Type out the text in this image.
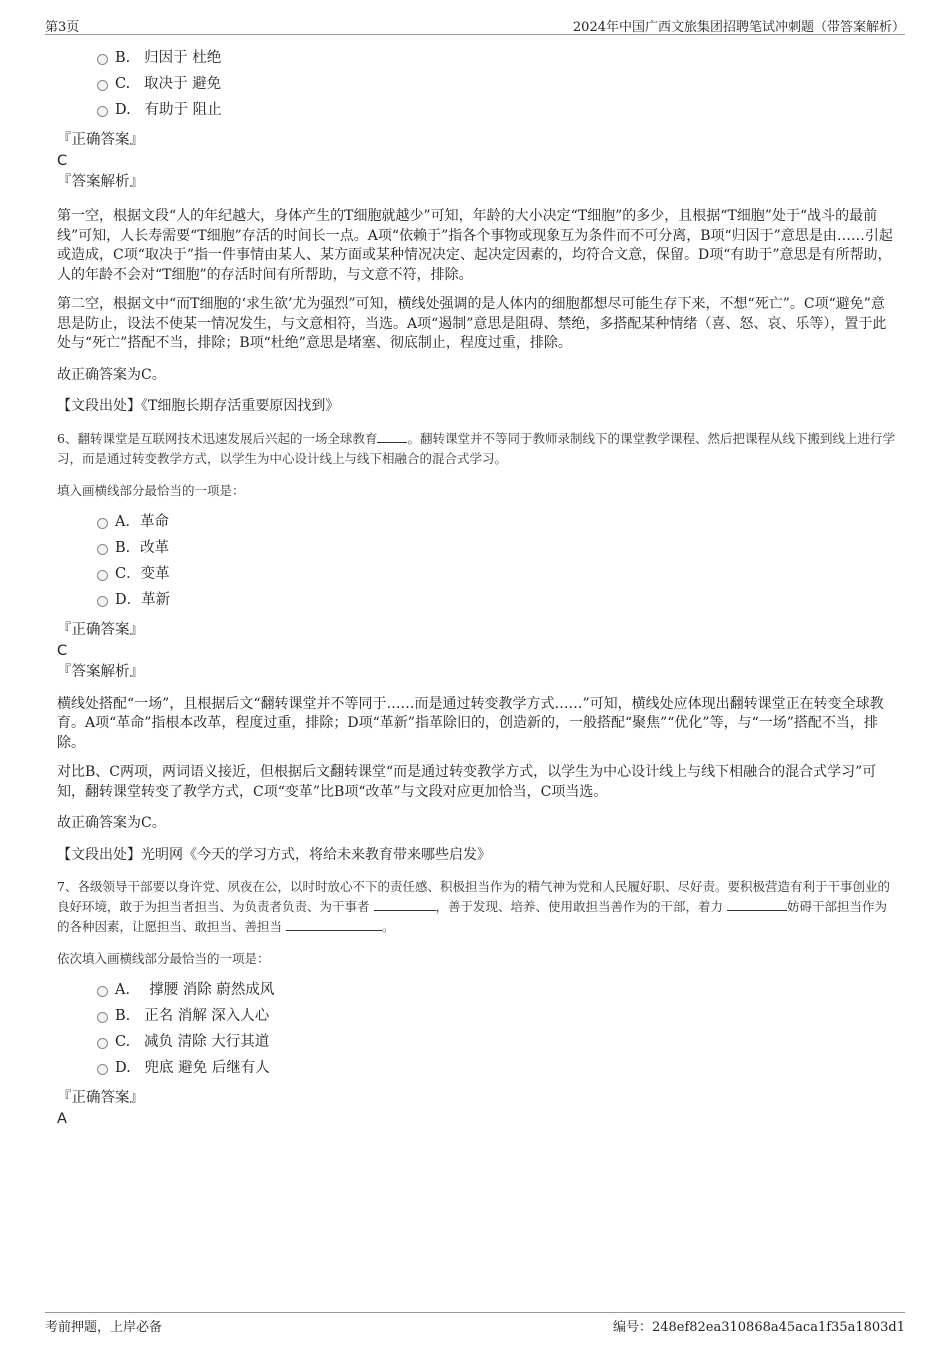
第3页	2024年中国广西文旅集团招聘笔试冲刺题（带答案解析）
B. 归因于 杜绝
C. 取决于 避免
D. 有助于 阻止
『正确答案』
C
『答案解析』

第一空，根据文段“人的年纪越大，身体产生的T细胞就越少”可知，年龄的大小决定“T细胞”的多少，且根据“T细胞”处于“战斗的最前线”可知，人长寿需要“T细胞”存活的时间长一点。A项“依赖于”指各个事物或现象互为条件而不可分离，B项“归因于”意思是由……引起或造成，C项“取决于”指一件事情由某人、某方面或某种情况决定、起决定因素的，均符合文意，保留。D项“有助于”意思是有所帮助，人的年龄不会对“T细胞”的存活时间有所帮助，与文意不符，排除。

第二空，根据文中“而T细胞的‘求生欲’尤为强烈”可知，横线处强调的是人体内的细胞都想尽可能生存下来，不想“死亡”。C项“避免”意思是防止，设法不使某一情况发生，与文意相符，当选。A项“遏制”意思是阻碍、禁绝，多搭配某种情绪（喜、怒、哀、乐等），置于此处与“死亡”搭配不当，排除；B项“杜绝”意思是堵塞、彻底制止，程度过重，排除。

故正确答案为C。

【文段出处】《T细胞长期存活重要原因找到》

6、翻转课堂是互联网技术迅速发展后兴起的一场全球教育 。翻转课堂并不等同于教师录制线下的课堂教学课程、然后把课程从线下搬到线上进行学习，而是通过转变教学方式，以学生为中心设计线上与线下相融合的混合式学习。

填入画横线部分最恰当的一项是：

A．革命
B．改革
C．变革
D．革新
『正确答案』
C
『答案解析』

横线处搭配“一场”，且根据后文“翻转课堂并不等同于……而是通过转变教学方式……”可知，横线处应体现出翻转课堂正在转变全球教育。A项“革命”指根本改革，程度过重，排除；D项“革新”指革除旧的，创造新的，一般搭配“聚焦”“优化”等，与“一场”搭配不当，排除。

对比B、C两项，两词语义接近，但根据后文翻转课堂“而是通过转变教学方式，以学生为中心设计线上与线下相融合的混合式学习”可知，翻转课堂转变了教学方式，C项“变革”比B项“改革”与文段对应更加恰当，C项当选。

故正确答案为C。

【文段出处】光明网《今天的学习方式，将给未来教育带来哪些启发》

7、各级领导干部要以身许党、夙夜在公，以时时放心不下的责任感、积极担当作为的精气神为党和人民履好职、尽好责。要积极营造有利于干事创业的良好环境，敢于为担当者担当、为负责者负责、为干事者	，善于发现、培养、使用敢担当善作为的干部，着力	妨碍干部担当作为的各种因素，让愿担当、敢担当、善担当	。

依次填入画横线部分最恰当的一项是：

A． 撑腰 消除 蔚然成风
B. 正名 消解 深入人心
C. 减负 清除 大行其道
D. 兜底 避免 后继有人
『正确答案』
A
考前押题，上岸必备	编号：248ef82ea310868a45aca1f35a1803d1
